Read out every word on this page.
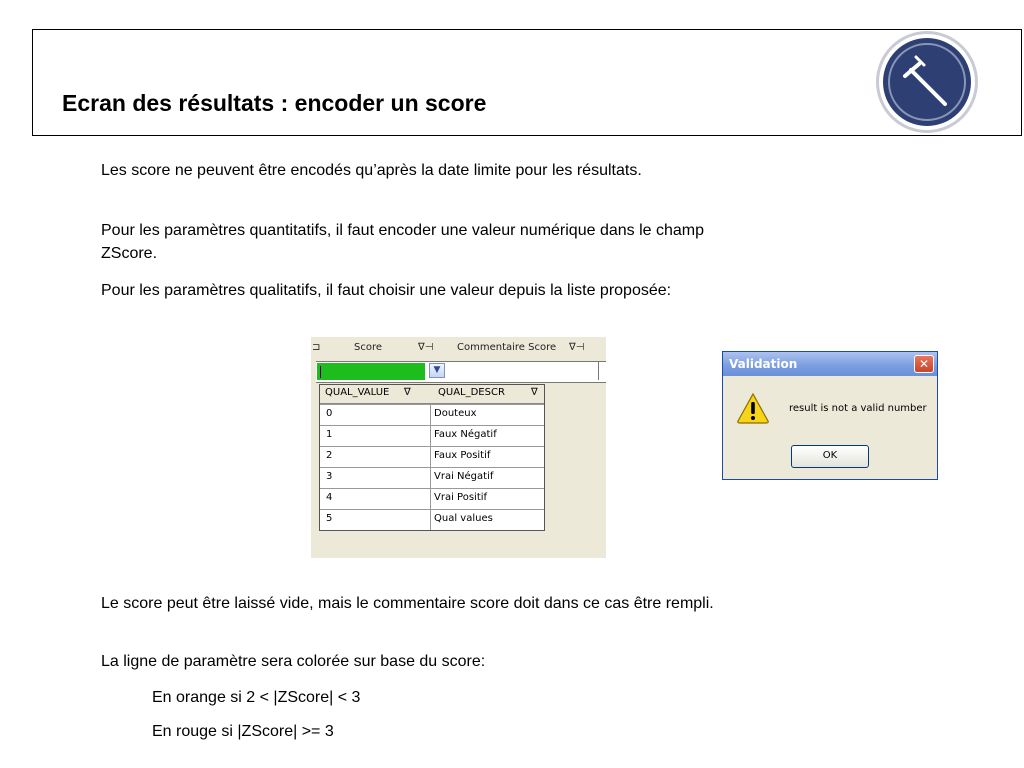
Ecran des résultats : encoder un score

Les score ne peuvent être encodés qu’après la date limite pour les résultats.

Pour les paramètres quantitatifs, il faut encoder une valeur numérique dans le champ ZScore.

Pour les paramètres qualitatifs, il faut choisir une valeur depuis la liste proposée:

⊐	Score	∇⊣ Commentaire Score ∇⊣
▼
QUAL_VALUE ∇	QUAL_DESCR	∇
0	Douteux
1	Faux Négatif
2	Faux Positif
3	Vrai Négatif
4	Vrai Positif
5	Qual values
Validation	✕
result is not a valid number
OK

Le score peut être laissé vide, mais le commentaire score doit dans ce cas être rempli.

La ligne de paramètre sera colorée sur base du score:

En orange si 2 < |ZScore| < 3

En rouge si |ZScore| >= 3
